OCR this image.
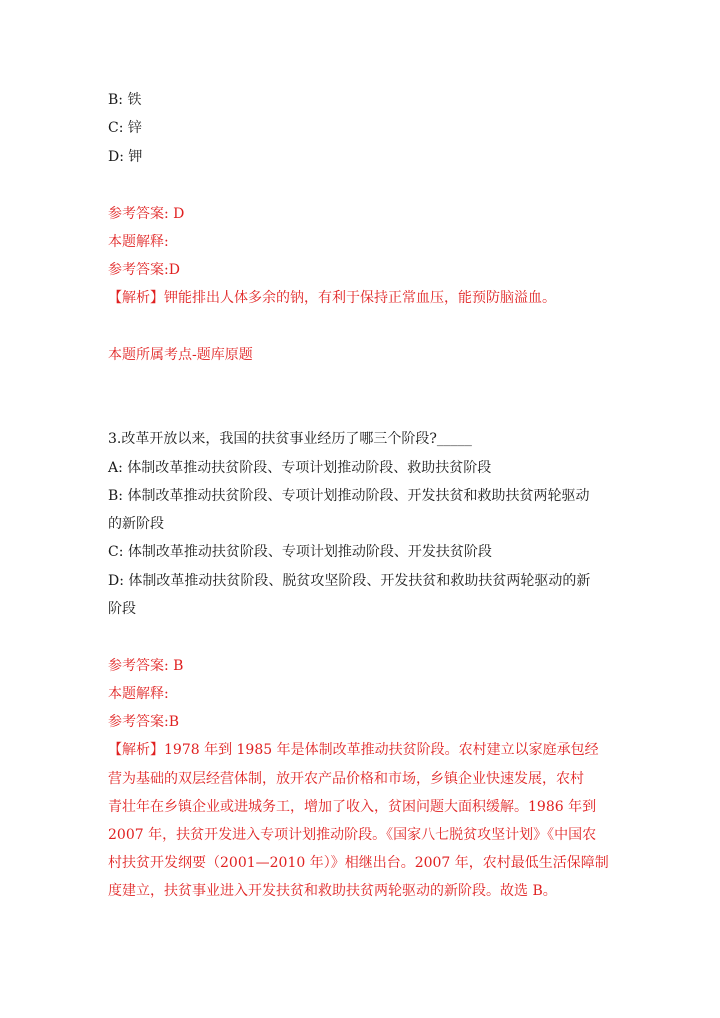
B: 铁
C: 锌
D: 钾
参考答案: D
本题解释:
参考答案:D
【解析】钾能排出人体多余的钠，有利于保持正常血压，能预防脑溢血。
本题所属考点-题库原题
3.改革开放以来，我国的扶贫事业经历了哪三个阶段?_____
A: 体制改革推动扶贫阶段、专项计划推动阶段、救助扶贫阶段
B: 体制改革推动扶贫阶段、专项计划推动阶段、开发扶贫和救助扶贫两轮驱动
的新阶段
C: 体制改革推动扶贫阶段、专项计划推动阶段、开发扶贫阶段
D: 体制改革推动扶贫阶段、脱贫攻坚阶段、开发扶贫和救助扶贫两轮驱动的新
阶段
参考答案: B
本题解释:
参考答案:B
【解析】1978 年到 1985 年是体制改革推动扶贫阶段。农村建立以家庭承包经
营为基础的双层经营体制，放开农产品价格和市场，乡镇企业快速发展，农村
青壮年在乡镇企业或进城务工，增加了收入，贫困问题大面积缓解。1986 年到
2007 年，扶贫开发进入专项计划推动阶段。《国家八七脱贫攻坚计划》《中国农
村扶贫开发纲要（2001—2010 年）》相继出台。2007 年，农村最低生活保障制
度建立，扶贫事业进入开发扶贫和救助扶贫两轮驱动的新阶段。故选 B。
